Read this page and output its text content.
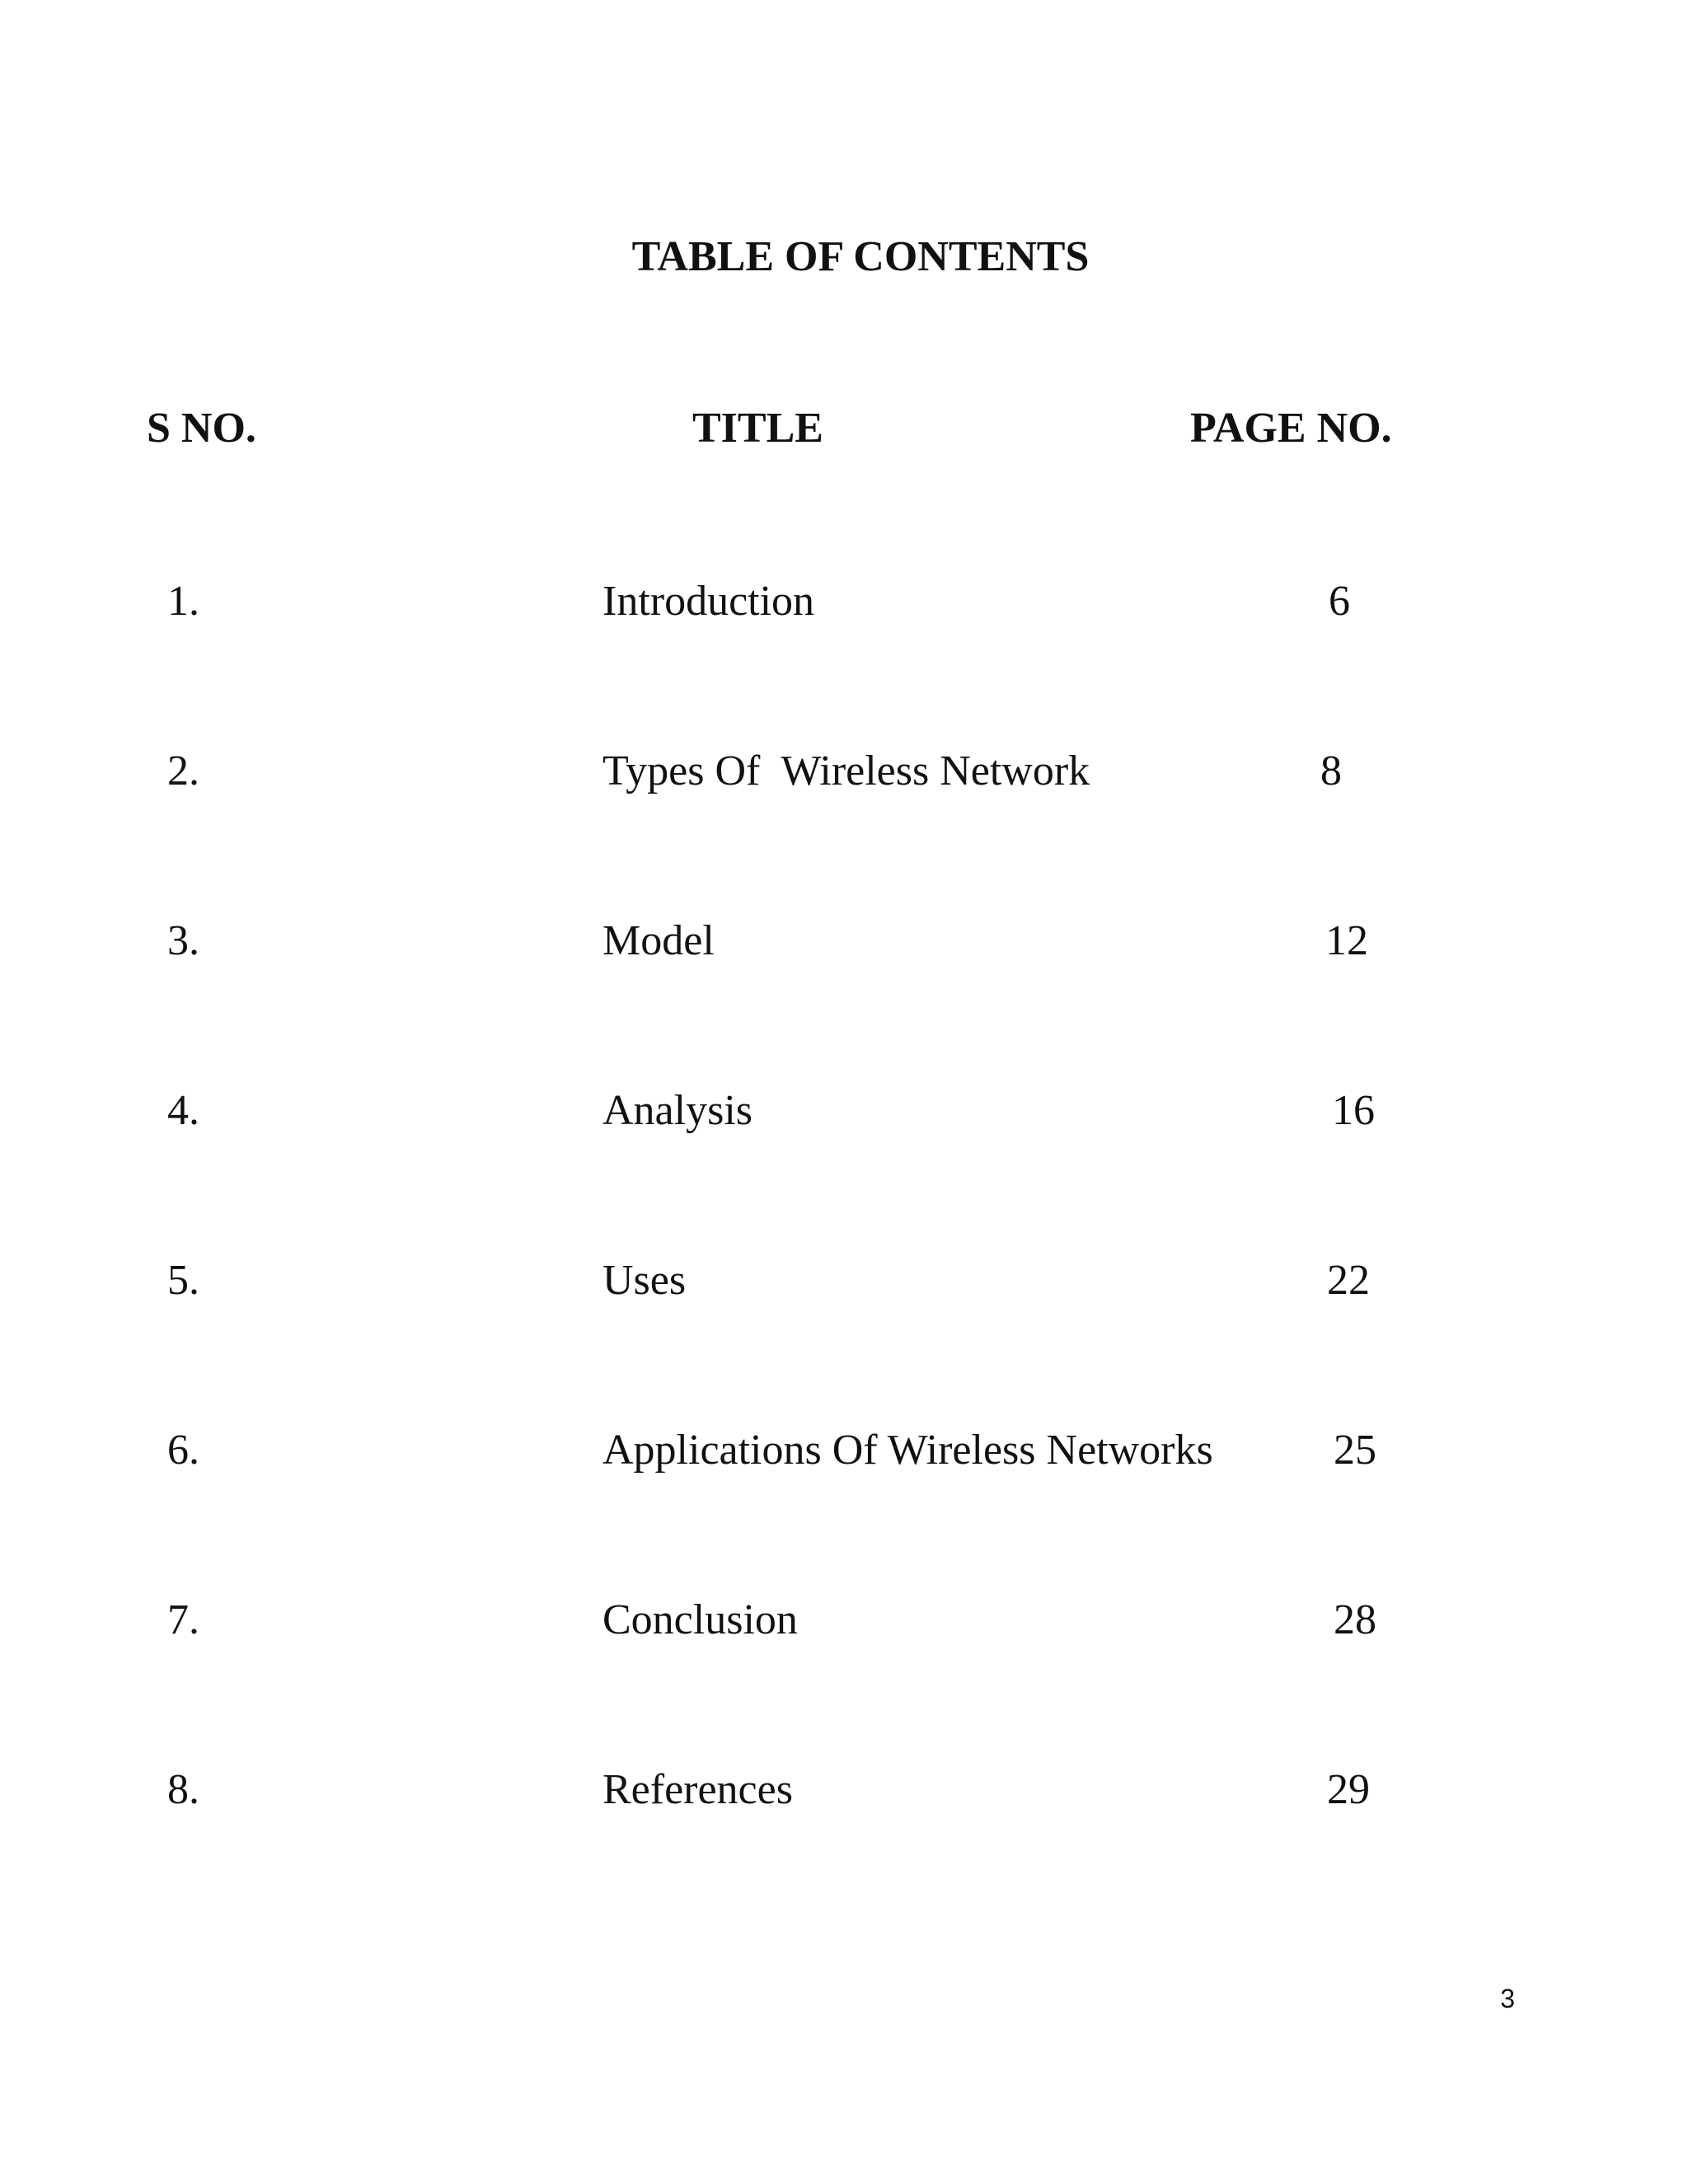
TABLE OF CONTENTS
S NO.	TITLE	PAGE NO.
1.	Introduction	6
2.	Types Of  Wireless Network	8
3.	Model	12
4.	Analysis	16
5.	Uses	22
6.	Applications Of Wireless Networks	25
7.	Conclusion	28
8.	References	29
3
